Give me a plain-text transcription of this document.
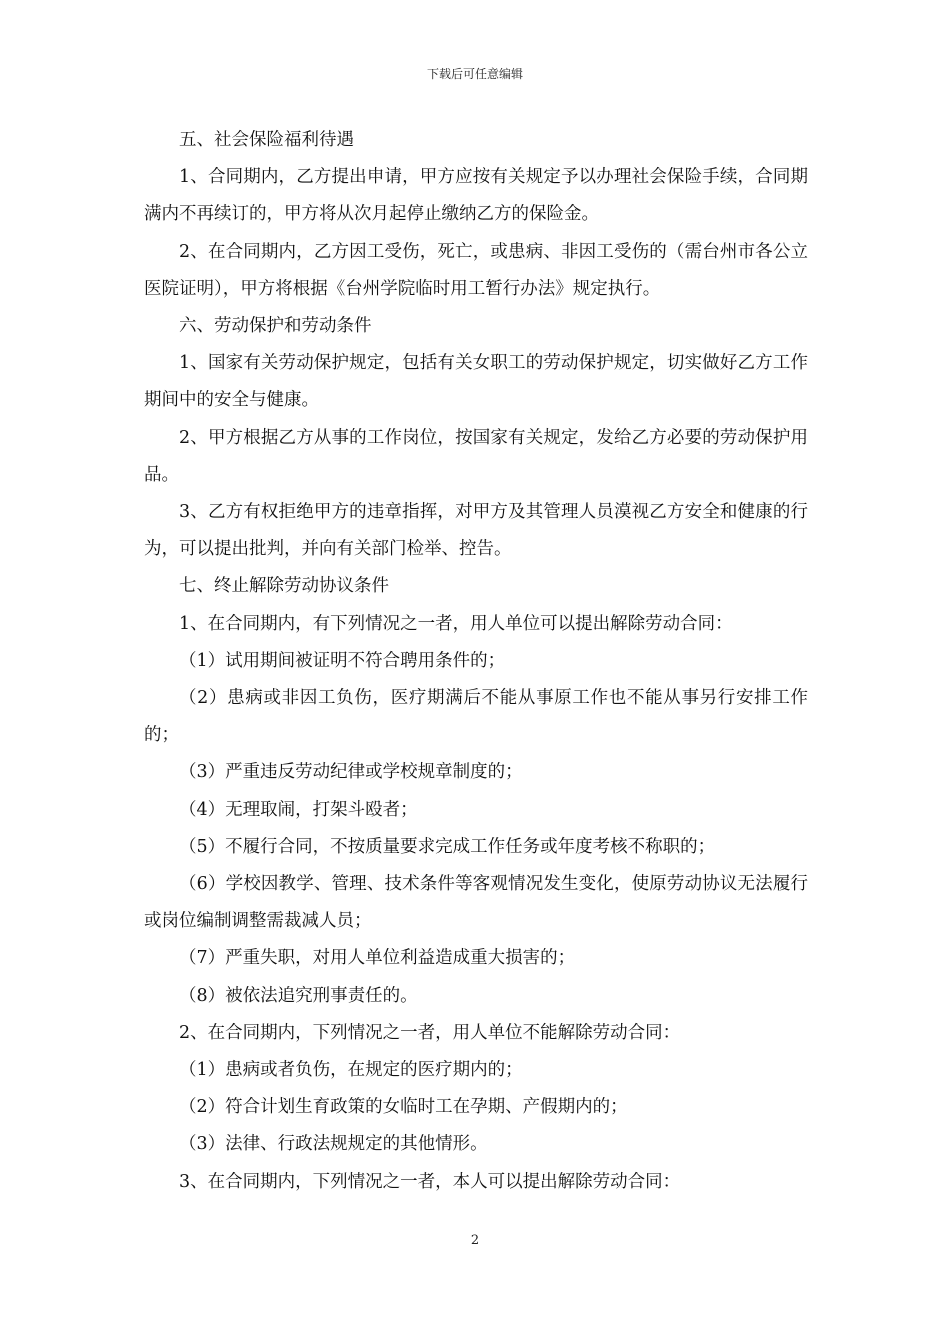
下载后可任意编辑

五、社会保险福利待遇

1、合同期内，乙方提出申请，甲方应按有关规定予以办理社会保险手续，合同期满内不再续订的，甲方将从次月起停止缴纳乙方的保险金。

2、在合同期内，乙方因工受伤，死亡，或患病、非因工受伤的（需台州市各公立医院证明），甲方将根据《台州学院临时用工暂行办法》规定执行。

六、劳动保护和劳动条件

1、国家有关劳动保护规定，包括有关女职工的劳动保护规定，切实做好乙方工作期间中的安全与健康。

2、甲方根据乙方从事的工作岗位，按国家有关规定，发给乙方必要的劳动保护用品。

3、乙方有权拒绝甲方的违章指挥，对甲方及其管理人员漠视乙方安全和健康的行为，可以提出批判，并向有关部门检举、控告。

七、终止解除劳动协议条件

1、在合同期内，有下列情况之一者，用人单位可以提出解除劳动合同：

（1）试用期间被证明不符合聘用条件的；

（2）患病或非因工负伤，医疗期满后不能从事原工作也不能从事另行安排工作的；

（3）严重违反劳动纪律或学校规章制度的；

（4）无理取闹，打架斗殴者；

（5）不履行合同，不按质量要求完成工作任务或年度考核不称职的；

（6）学校因教学、管理、技术条件等客观情况发生变化，使原劳动协议无法履行或岗位编制调整需裁减人员；

（7）严重失职，对用人单位利益造成重大损害的；

（8）被依法追究刑事责任的。

2、在合同期内，下列情况之一者，用人单位不能解除劳动合同：

（1）患病或者负伤，在规定的医疗期内的；

（2）符合计划生育政策的女临时工在孕期、产假期内的；

（3）法律、行政法规规定的其他情形。

3、在合同期内，下列情况之一者，本人可以提出解除劳动合同：

2
